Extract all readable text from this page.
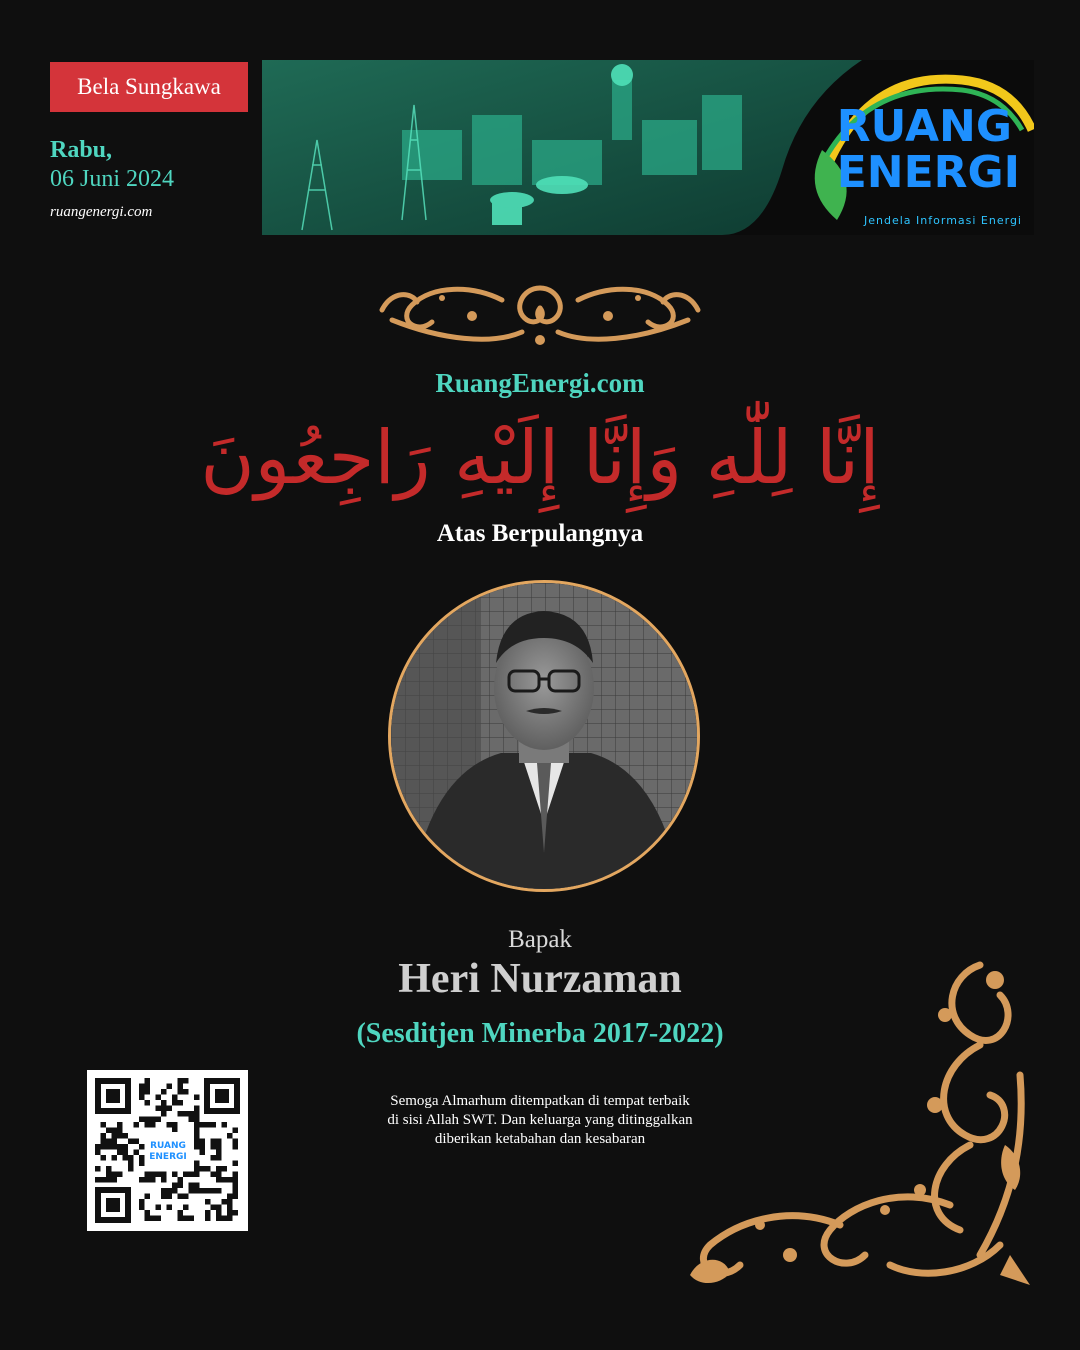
Bela Sungkawa
Rabu,
06 Juni 2024
ruangenergi.com
RUANG
ENERGI
Jendela Informasi Energi
RuangEnergi.com
إِنَّا لِلّٰهِ وَإِنَّا إِلَيْهِ رَاجِعُونَ
Atas Berpulangnya
Bapak
Heri Nurzaman
(Sesditjen Minerba 2017-2022)
Semoga Almarhum ditempatkan di tempat terbaik
di sisi Allah SWT. Dan keluarga yang ditinggalkan
diberikan ketabahan dan kesabaran
RUANG
ENERGI
